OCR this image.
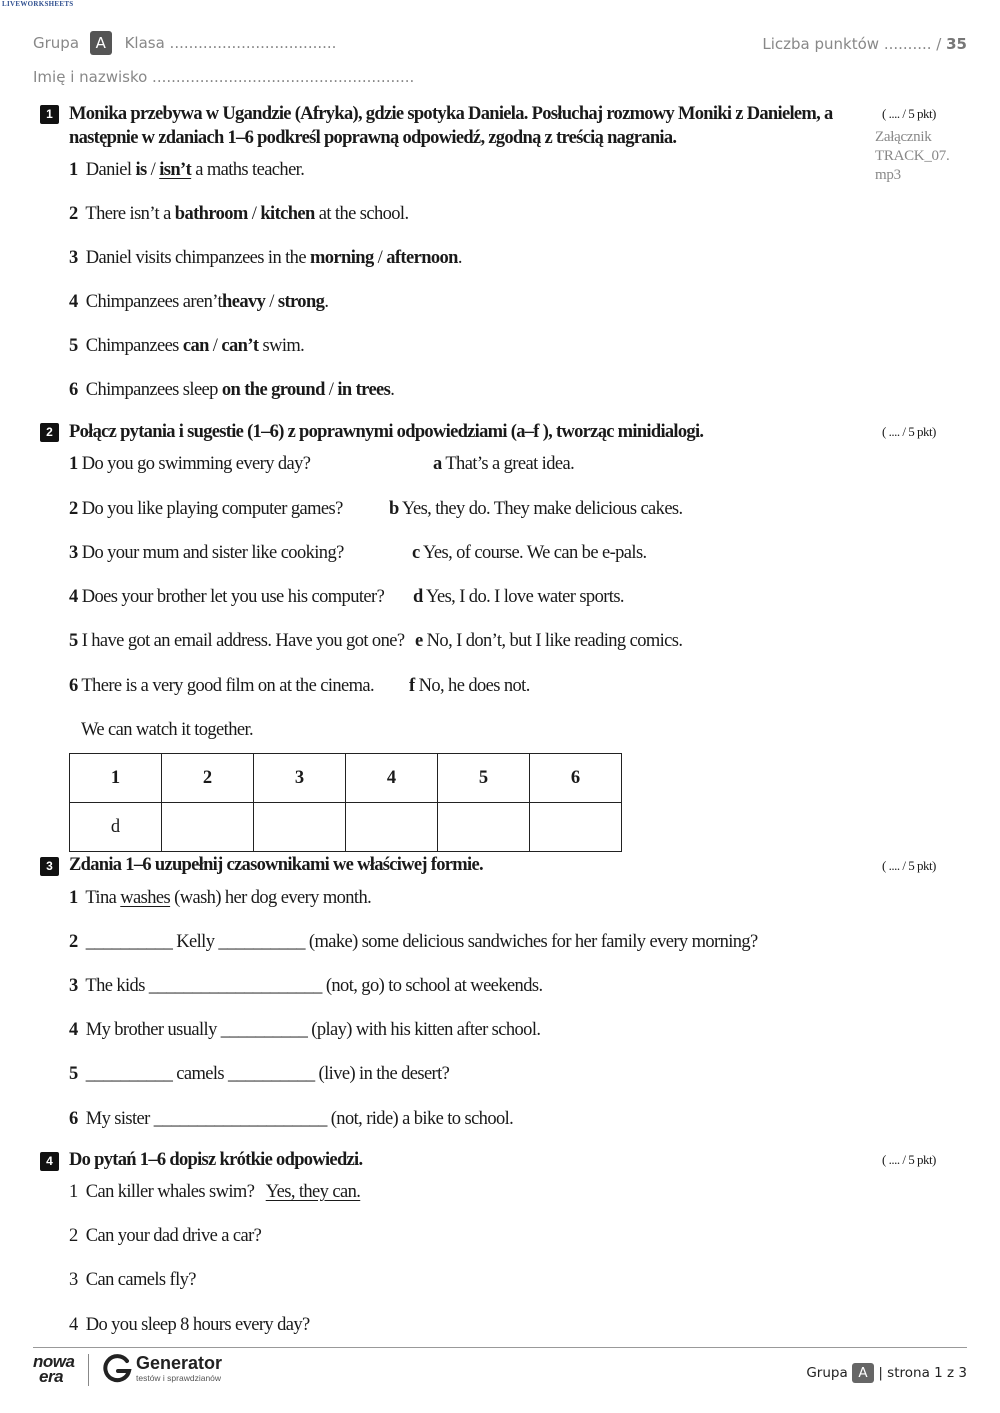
LIVEWORKSHEETS
Grupa A Klasa ...................................	Liczba punktów .......... / 35
Imię i nazwisko .......................................................
1 Monika przebywa w Ugandzie (Afryka), gdzie spotyka Daniela. Posłuchaj rozmowy Moniki z Danielem, a
następnie w zdaniach 1–6 podkreśl poprawną odpowiedź, zgodną z treścią nagrania.
( .... / 5 pkt)
Załącznik
TRACK_07.
mp3
1 Daniel is / isn’t a maths teacher.
2 There isn’t a bathroom / kitchen at the school.
3 Daniel visits chimpanzees in the morning / afternoon.
4 Chimpanzees aren’theavy / strong.
5 Chimpanzees can / can’t swim.
6 Chimpanzees sleep on the ground / in trees.
2 Połącz pytania i sugestie (1–6) z poprawnymi odpowiedziami (a–f ), tworząc minidialogi.	( .... / 5 pkt)
1 Do you go swimming every day?	a That’s a great idea.
2 Do you like playing computer games?	b Yes, they do. They make delicious cakes.
3 Do your mum and sister like cooking?	c Yes, of course. We can be e-pals.
4 Does your brother let you use his computer? d Yes, I do. I love water sports.
5 I have got an email address. Have you got one? e No, I don’t, but I like reading comics.
6 There is a very good film on at the cinema. f No, he does not.
We can watch it together.
1	2	3	4	5	6
d					
3 Zdania 1–6 uzupełnij czasownikami we właściwej formie.	( .... / 5 pkt)
1 Tina washes (wash) her dog every month.
2 __________ Kelly __________ (make) some delicious sandwiches for her family every morning?
3 The kids ____________________ (not, go) to school at weekends.
4 My brother usually __________ (play) with his kitten after school.
5 __________ camels __________ (live) in the desert?
6 My sister ____________________ (not, ride) a bike to school.
4 Do pytań 1–6 dopisz krótkie odpowiedzi.	( .... / 5 pkt)
1 Can killer whales swim? Yes, they can.
2 Can your dad drive a car?
3 Can camels fly?
4 Do you sleep 8 hours every day?
nowa
era
Generator
testów i sprawdzianów	Grupa A | strona 1 z 3
